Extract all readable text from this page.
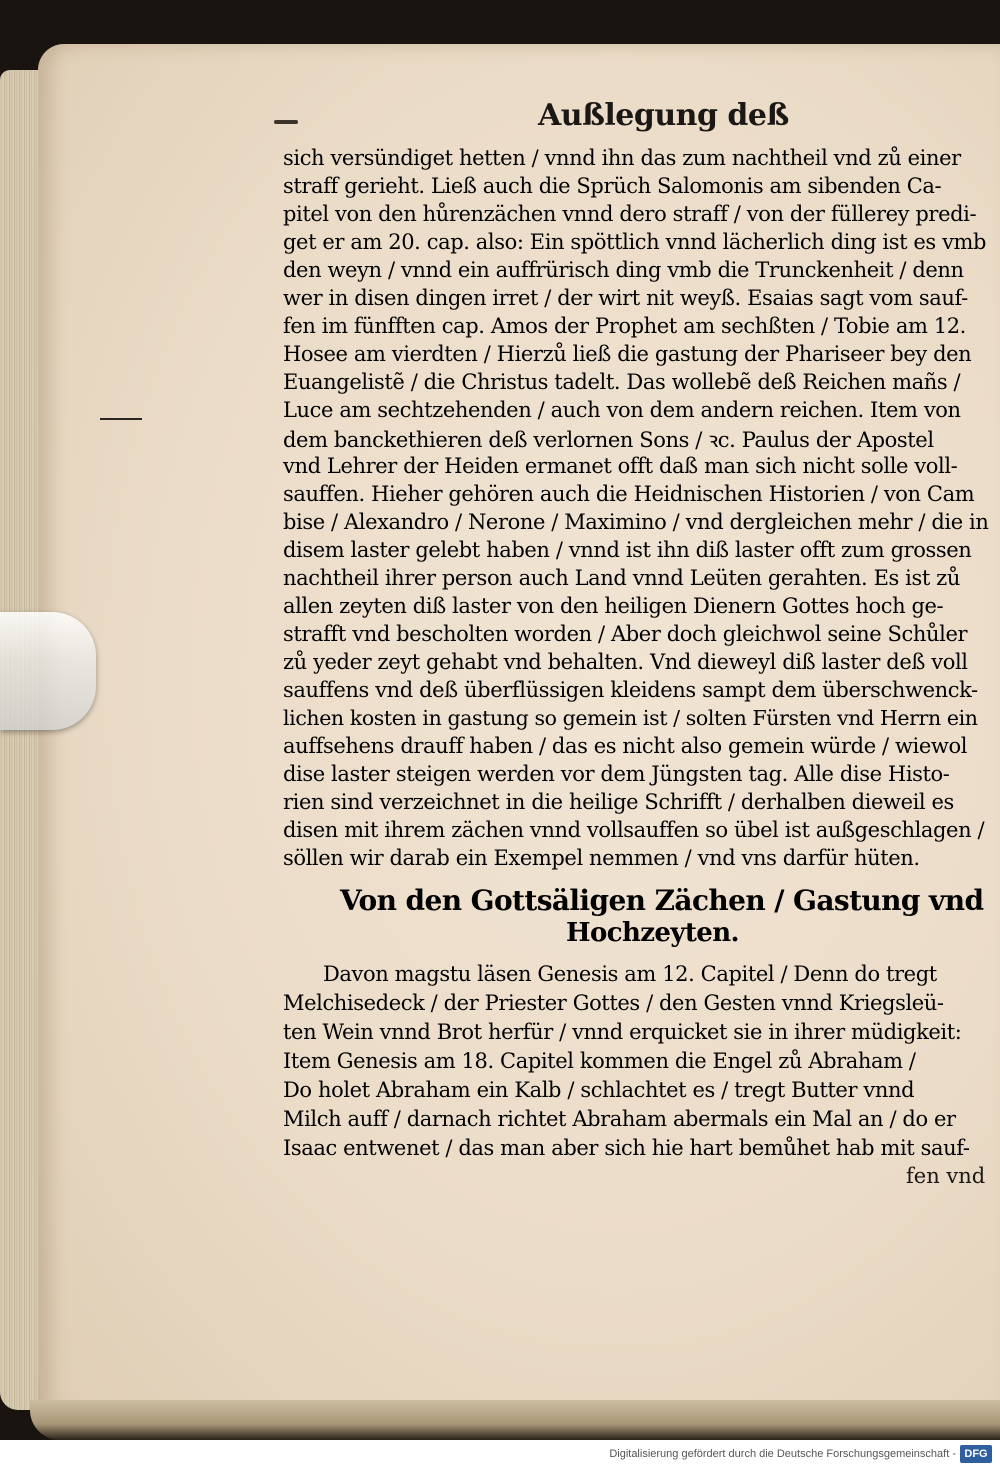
Außlegung deß
sich versündiget hetten / vnnd ihn das zum nachtheil vnd zů einer
straff gerieht. Ließ auch die Sprüch Salomonis am sibenden Ca-
pitel von den hůrenzächen vnnd dero straff / von der füllerey predi-
get er am 20. cap. also: Ein spöttlich vnnd lächerlich ding ist es vmb
den weyn / vnnd ein auffrürisch ding vmb die Trunckenheit / denn
wer in disen dingen irret / der wirt nit weyß. Esaias sagt vom sauf-
fen im fünfften cap. Amos der Prophet am sechßten / Tobie am 12.
Hosee am vierdten / Hierzů ließ die gastung der Phariseer bey den
Euangelistẽ / die Christus tadelt. Das wollebẽ deß Reichen mañs /
Luce am sechtzehenden / auch von dem andern reichen. Item von
dem banckethieren deß verlornen Sons / ꝛc. Paulus der Apostel
vnd Lehrer der Heiden ermanet offt daß man sich nicht solle voll-
sauffen. Hieher gehören auch die Heidnischen Historien / von Cam
bise / Alexandro / Nerone / Maximino / vnd dergleichen mehr / die in
disem laster gelebt haben / vnnd ist ihn diß laster offt zum grossen
nachtheil ihrer person auch Land vnnd Leüten gerahten. Es ist zů
allen zeyten diß laster von den heiligen Dienern Gottes hoch ge-
strafft vnd bescholten worden / Aber doch gleichwol seine Schůler
zů yeder zeyt gehabt vnd behalten. Vnd dieweyl diß laster deß voll
sauffens vnd deß überflüssigen kleidens sampt dem überschwenck-
lichen kosten in gastung so gemein ist / solten Fürsten vnd Herrn ein
auffsehens drauff haben / das es nicht also gemein würde / wiewol
dise laster steigen werden vor dem Jüngsten tag. Alle dise Histo-
rien sind verzeichnet in die heilige Schrifft / derhalben dieweil es
disen mit ihrem zächen vnnd vollsauffen so übel ist außgeschlagen /
söllen wir darab ein Exempel nemmen / vnd vns darfür hüten.
Von den Gottsäligen Zächen / Gastung vnd
Hochzeyten.
Davon magstu läsen Genesis am 12. Capitel / Denn do tregt
Melchisedeck / der Priester Gottes / den Gesten vnnd Kriegsleü-
ten Wein vnnd Brot herfür / vnnd erquicket sie in ihrer müdigkeit:
Item Genesis am 18. Capitel kommen die Engel zů Abraham /
Do holet Abraham ein Kalb / schlachtet es / tregt Butter vnnd
Milch auff / darnach richtet Abraham abermals ein Mal an / do er
Isaac entwenet / das man aber sich hie hart bemůhet hab mit sauf-
fen vnd
Digitalisierung gefördert durch die Deutsche Forschungsgemeinschaft - DFG
